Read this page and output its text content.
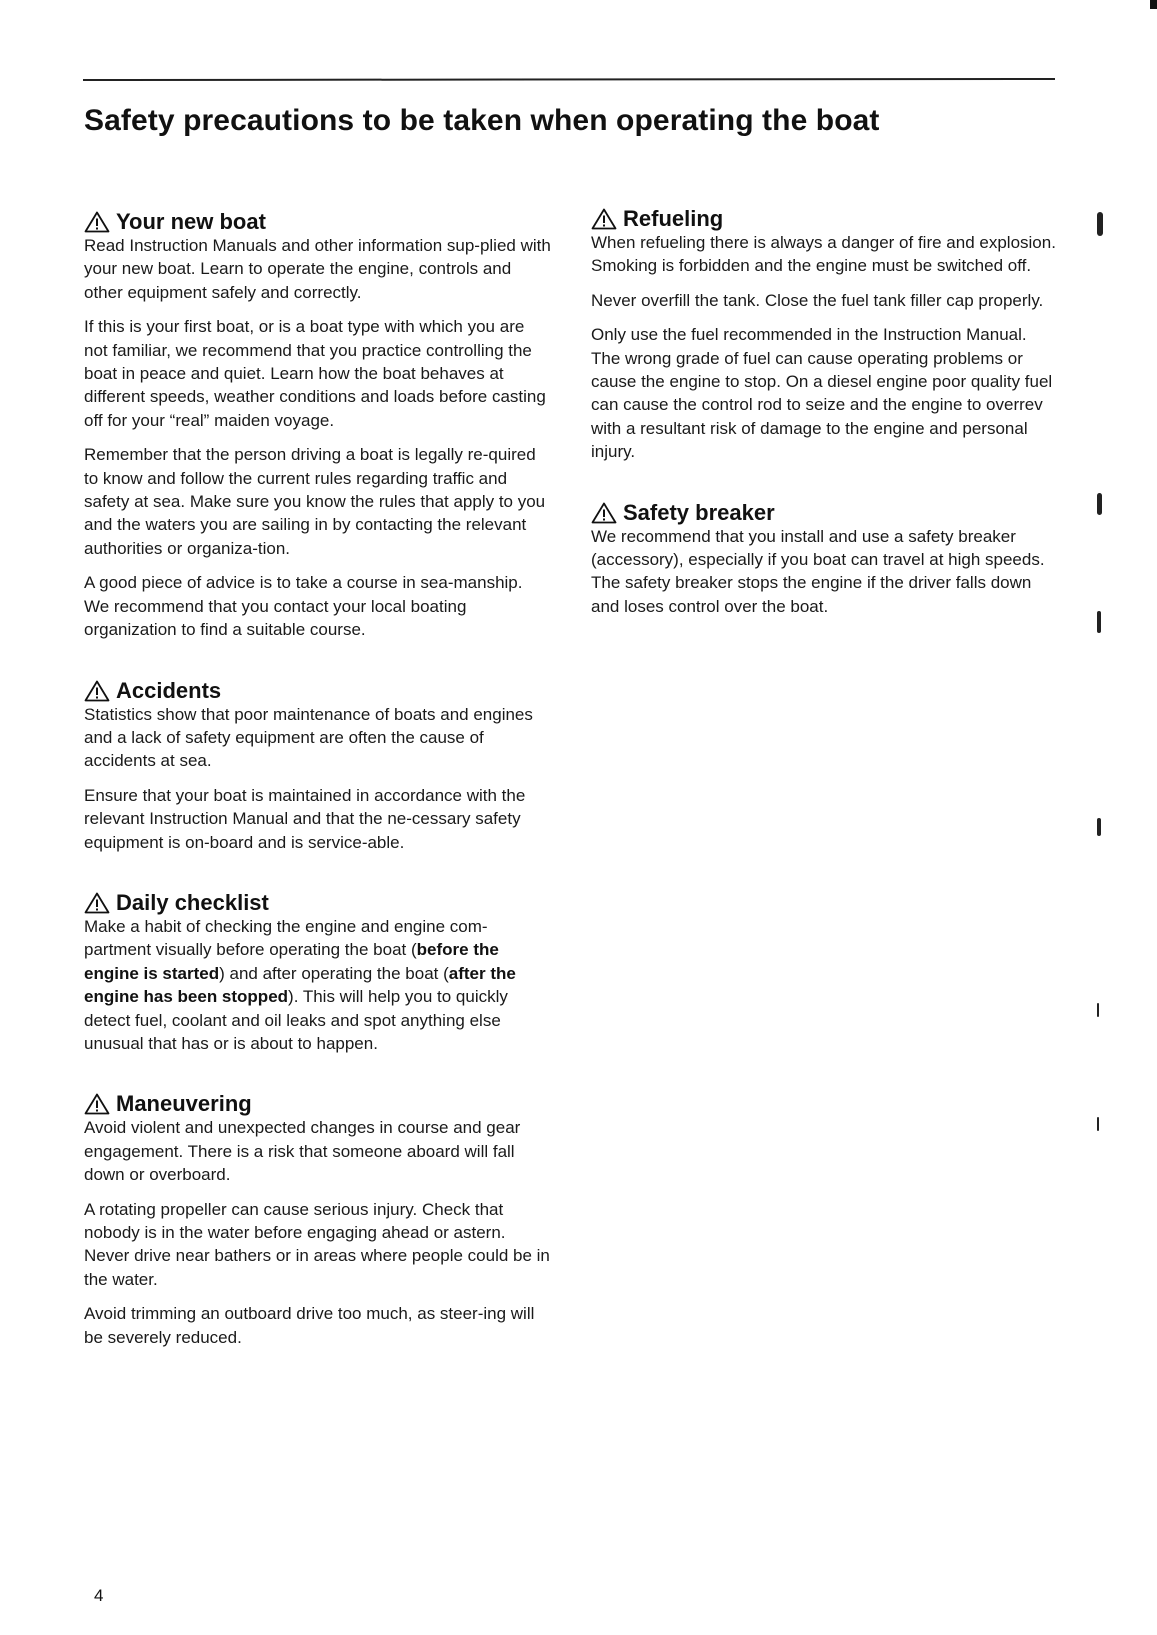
Safety precautions to be taken when operating the boat
Your new boat

Read Instruction Manuals and other information sup-plied with your new boat. Learn to operate the engine, controls and other equipment safely and correctly.

If this is your first boat, or is a boat type with which you are not familiar, we recommend that you practice controlling the boat in peace and quiet. Learn how the boat behaves at different speeds, weather conditions and loads before casting off for your “real” maiden voyage.

Remember that the person driving a boat is legally re-quired to know and follow the current rules regarding traffic and safety at sea. Make sure you know the rules that apply to you and the waters you are sailing in by contacting the relevant authorities or organiza-tion.

A good piece of advice is to take a course in sea-manship. We recommend that you contact your local boating organization to find a suitable course.

Accidents

Statistics show that poor maintenance of boats and engines and a lack of safety equipment are often the cause of accidents at sea.

Ensure that your boat is maintained in accordance with the relevant Instruction Manual and that the ne-cessary safety equipment is on-board and is service-able.

Daily checklist

Make a habit of checking the engine and engine com-partment visually before operating the boat (before the engine is started) and after operating the boat (after the engine has been stopped). This will help you to quickly detect fuel, coolant and oil leaks and spot anything else unusual that has or is about to happen.

Maneuvering

Avoid violent and unexpected changes in course and gear engagement. There is a risk that someone aboard will fall down or overboard.

A rotating propeller can cause serious injury. Check that nobody is in the water before engaging ahead or astern. Never drive near bathers or in areas where people could be in the water.

Avoid trimming an outboard drive too much, as steer-ing will be severely reduced.

Refueling

When refueling there is always a danger of fire and explosion. Smoking is forbidden and the engine must be switched off.

Never overfill the tank. Close the fuel tank filler cap properly.

Only use the fuel recommended in the Instruction Manual. The wrong grade of fuel can cause operating problems or cause the engine to stop. On a diesel engine poor quality fuel can cause the control rod to seize and the engine to overrev with a resultant risk of damage to the engine and personal injury.

Safety breaker

We recommend that you install and use a safety breaker (accessory), especially if you boat can travel at high speeds. The safety breaker stops the engine if the driver falls down and loses control over the boat.

4
